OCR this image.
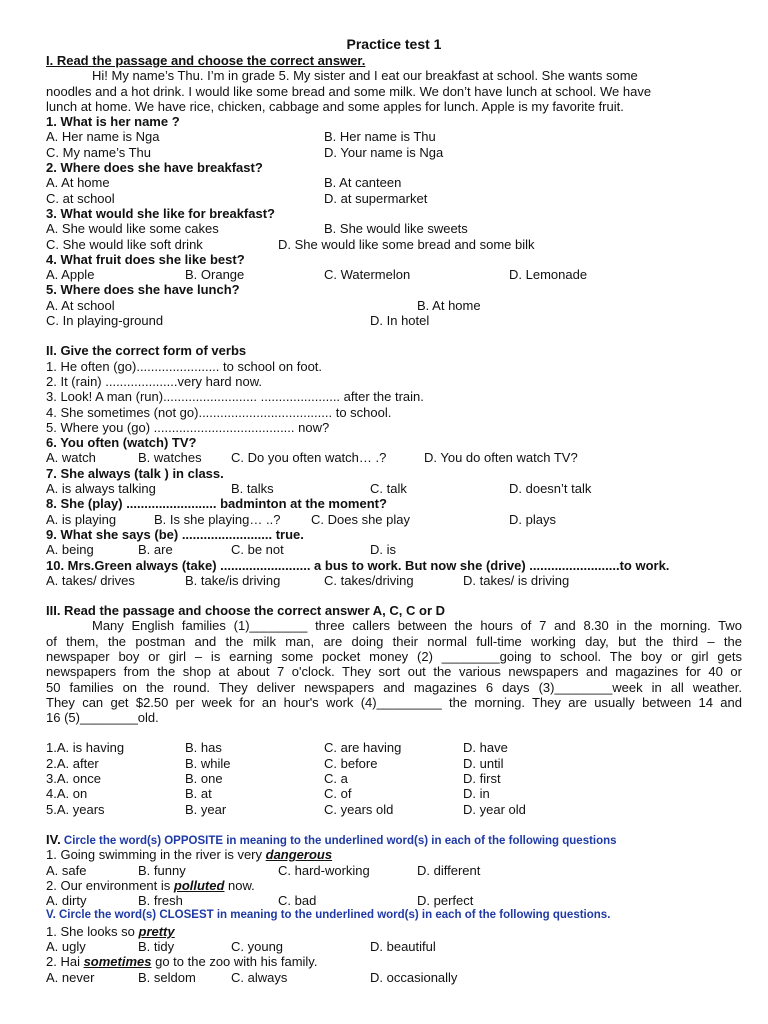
Practice test 1
I. Read the passage and choose the correct answer.
Hi! My name’s Thu. I’m in grade 5. My sister and I eat our breakfast at school. She wants some
noodles and a hot drink. I would like some bread and some milk. We don’t have lunch at school. We have
lunch at home. We have rice, chicken, cabbage and some apples for lunch. Apple is my favorite fruit.
1. What is her name ?
A. Her name is Nga	B. Her name is Thu
C. My name’s Thu	D. Your name is Nga
2. Where does she have breakfast?
A. At home	B. At canteen
C. at school	D. at supermarket
3. What would she like for breakfast?
A. She would like some cakes	B. She would like sweets
C. She would like soft drink	D. She would like some bread and some bilk
4. What fruit does she like best?
A. Apple	B. Orange	C. Watermelon	D. Lemonade
5. Where does she have lunch?
A. At school	B. At home
C. In playing-ground	D. In hotel
II. Give the correct form of verbs
1. He often (go)....................... to school on foot.
2. It (rain) ....................very hard now.
3. Look! A man (run).......................... ...................... after the train.
4. She sometimes (not go)..................................... to school.
5. Where you (go) ....................................... now?
6. You often (watch) TV?
A. watch	B. watches C. Do you often watch… .?	D. You do often watch TV?
7. She always (talk ) in class.
A. is always talking	B. talks	C. talk	D. doesn’t talk
8. She (play) ......................... badminton at the moment?
A. is playing	B. Is she playing… ..? C. Does she play	D. plays
9. What she says (be) ......................... true.
A. being	B. are	C. be not	D. is
10. Mrs.Green always (take) ......................... a bus to work. But now she (drive) .........................to work.
A. takes/ drives	B. take/is driving	C. takes/driving	D. takes/ is driving
III. Read the passage and choose the correct answer A, C, C or D
Many English families (1)________ three callers between the hours of 7 and 8.30 in the morning. Two
of them, the postman and the milk man, are doing their normal full-time working day, but the third – the
newspaper boy or girl – is earning some pocket money (2) ________going to school. The boy or girl gets
newspapers from the shop at about 7 o'clock. They sort out the various newspapers and magazines for 40 or
50 families on the round. They deliver newspapers and magazines 6 days (3)________week in all weather.
They can get $2.50 per week for an hour's work (4)_________ the morning. They are usually between 14 and
16 (5)________old.
1.A. is having	B. has	C. are having	D. have
2.A. after	B. while	C. before	D. until
3.A. once	B. one	C. a	D. first
4.A. on	B. at	C. of	D. in
5.A. years	B. year	C. years old	D. year old
IV. Circle the word(s) OPPOSITE in meaning to the underlined word(s) in each of the following questions
1. Going swimming in the river is very dangerous
A. safe	B. funny	C. hard-working	D. different
2. Our environment is polluted now.
A. dirty	B. fresh	C. bad	D. perfect
V. Circle the word(s) CLOSEST in meaning to the underlined word(s) in each of the following questions.
1. She looks so pretty
A. ugly	B. tidy	C. young	D. beautiful
2. Hai sometimes go to the zoo with his family.
A. never	B. seldom	C. always	D. occasionally
